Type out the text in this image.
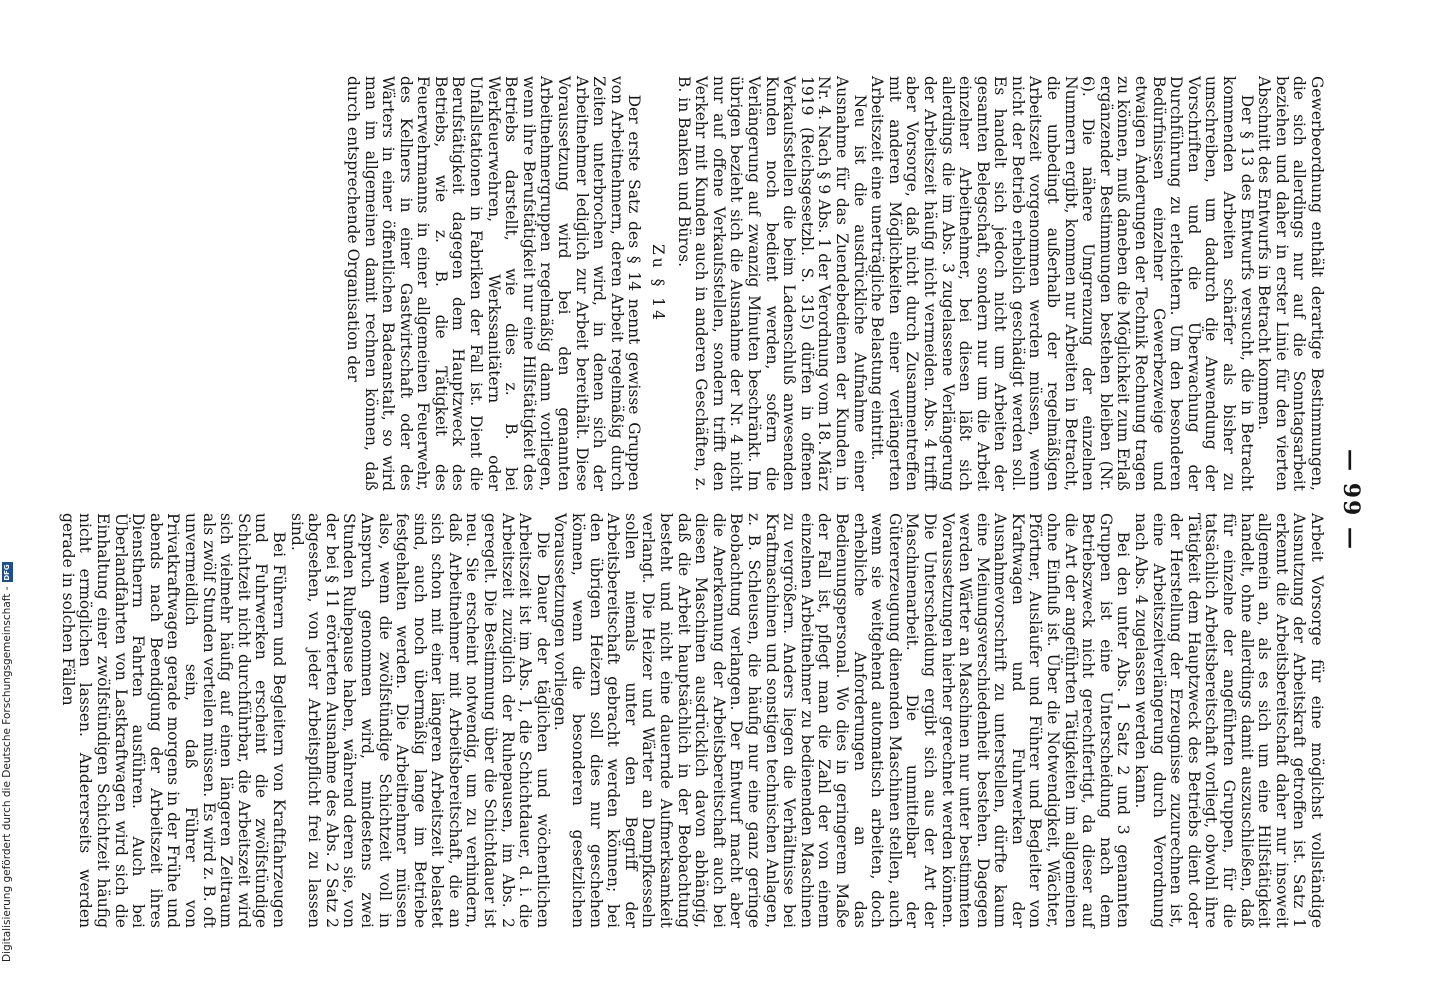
— 99 —

Gewerbeordnung enthält derartige Bestimmungen, die sich allerdings nur auf die Sonntagsarbeit beziehen und daher in erster Linie für den vierten Abschnitt des Entwurfs in Betracht kommen.

Der § 13 des Entwurfs versucht, die in Betracht kommenden Arbeiten schärfer als bisher zu umschreiben, um dadurch die Anwendung der Vorschriften und die Überwachung der Durchführung zu erleichtern. Um den besonderen Bedürfnissen einzelner Gewerbezweige und etwaigen Änderungen der Technik Rechnung tragen zu können, muß daneben die Möglichkeit zum Erlaß ergänzender Bestimmungen bestehen bleiben (Nr. 6). Die nähere Umgrenzung der einzelnen Nummern ergibt, kommen nur Arbeiten in Betracht, die unbedingt außerhalb der regelmäßigen Arbeitszeit vorgenommen werden müssen, wenn nicht der Betrieb erheblich geschädigt werden soll. Es handelt sich jedoch nicht um Arbeiten der gesamten Belegschaft, sondern nur um die Arbeit einzelner Arbeitnehmer, bei diesen läßt sich allerdings die im Abs. 3 zugelassene Verlängerung der Arbeitszeit häufig nicht vermeiden. Abs. 4 trifft aber Vorsorge, daß nicht durch Zusammentreffen mit anderen Möglichkeiten einer verlängerten Arbeitszeit eine unerträgliche Belastung eintritt.

Neu ist die ausdrückliche Aufnahme einer Ausnahme für das Zuendebedienen der Kunden in Nr. 4. Nach § 9 Abs. 1 der Verordnung vom 18. März 1919 (Reichsgesetzbl. S. 315) dürfen in offenen Verkaufsstellen die beim Ladenschluß anwesenden Kunden noch bedient werden, sofern die Verlängerung auf zwanzig Minuten beschränkt. Im übrigen bezieht sich die Ausnahme der Nr. 4 nicht nur auf offene Verkaufsstellen, sondern trifft den Verkehr mit Kunden auch in anderen Geschäften, z. B. in Banken und Büros.

Zu § 14

Der erste Satz des § 14 nennt gewisse Gruppen von Arbeitnehmern, deren Arbeit regelmäßig durch Zeiten unterbrochen wird, in denen sich der Arbeitnehmer lediglich zur Arbeit bereithält. Diese Voraussetzung wird bei den genannten Arbeitnehmergruppen regelmäßig dann vorliegen, wenn ihre Berufstätigkeit nur eine Hilfstätigkeit des Betriebs darstellt, wie dies z. B. bei Werkfeuerwehren, Werkssanitätern oder Unfallstationen in Fabriken der Fall ist. Dient die Berufstätigkeit dagegen dem Hauptzweck des Betriebs, wie z. B. die Tätigkeit des Feuerwehrmanns in einer allgemeinen Feuerwehr, des Kellners in einer Gastwirtschaft oder des Wärters in einer öffentlichen Badeanstalt, so wird man im allgemeinen damit rechnen können, daß durch entsprechende Organisation der

Arbeit Vorsorge für eine möglichst vollständige Ausnutzung der Arbeitskraft getroffen ist. Satz 1 erkennt die Arbeitsbereitschaft daher nur insoweit allgemein an, als es sich um eine Hilfstätigkeit handelt, ohne allerdings damit auszuschließen, daß für einzelne der angeführten Gruppen, für die tatsächlich Arbeitsbereitschaft vorliegt, obwohl ihre Tätigkeit dem Hauptzweck des Betriebs dient oder der Herstellung der Erzeugnisse zuzurechnen ist, eine Arbeitszeitverlängerung durch Verordnung nach Abs. 4 zugelassen werden kann.

Bei den unter Abs. 1 Satz 2 und 3 genannten Gruppen ist eine Unterscheidung nach dem Betriebszweck nicht gerechtfertigt, da dieser auf die Art der angeführten Tätigkeiten im allgemeinen ohne Einfluß ist. Über die Notwendigkeit, Wächter, Pförtner, Ausläufer und Führer und Begleiter von Kraftwagen und Fuhrwerken der Ausnahmevorschrift zu unterstellen, dürfte kaum eine Meinungsverschiedenheit bestehen. Dagegen werden Wärter an Maschinen nur unter bestimmten Voraussetzungen hierher gerechnet werden können. Die Unterscheidung ergibt sich aus der Art der Maschinenarbeit. Die unmittelbar der Gütererzeugung dienenden Maschinen stellen, auch wenn sie weitgehend automatisch arbeiten, doch erhebliche Anforderungen an das Bedienungspersonal. Wo dies in geringerem Maße der Fall ist, pflegt man die Zahl der von einem einzelnen Arbeitnehmer zu bedienenden Maschinen zu vergrößern. Anders liegen die Verhältnisse bei Kraftmaschinen und sonstigen technischen Anlagen, z. B. Schleusen, die häufig nur eine ganz geringe Beobachtung verlangen. Der Entwurf macht aber die Anerkennung der Arbeitsbereitschaft auch bei diesen Maschinen ausdrücklich davon abhängig, daß die Arbeit hauptsächlich in der Beobachtung besteht und nicht eine dauernde Aufmerksamkeit verlangt. Die Heizer und Wärter an Dampfkesseln sollen niemals unter den Begriff der Arbeitsbereitschaft gebracht werden können; bei den übrigen Heizern soll dies nur geschehen können, wenn die besonderen gesetzlichen Voraussetzungen vorliegen.

Die Dauer der täglichen und wöchentlichen Arbeitszeit ist im Abs. 1, die Schichtdauer, d. i. die Arbeitszeit zuzüglich der Ruhepausen, im Abs. 2 geregelt. Die Bestimmung über die Schichtdauer ist neu. Sie erscheint notwendig, um zu verhindern, daß Arbeitnehmer mit Arbeitsbereitschaft, die an sich schon mit einer längeren Arbeitszeit belastet sind, auch noch übermäßig lange im Betriebe festgehalten werden. Die Arbeitnehmer müssen also, wenn die zwölfstündige Schichtzeit voll in Anspruch genommen wird, mindestens zwei Stunden Ruhepause haben, während deren sie, von der bei § 11 erörterten Ausnahme des Abs. 2 Satz 2 abgesehen, von jeder Arbeitspflicht frei zu lassen sind.

Bei Führern und Begleitern von Kraftfahrzeugen und Fuhrwerken erscheint die zwölfstündige Schichtzeit nicht durchführbar, die Arbeitszeit wird sich vielmehr häufig auf einen längeren Zeitraum als zwölf Stunden verteilen müssen. Es wird z. B. oft unvermeidlich sein, daß Führer von Privatkraftwagen gerade morgens in der Frühe und abends nach Beendigung der Arbeitszeit ihres Dienstherrn Fahrten ausführen. Auch bei Überlandfahrten von Lastkraftwagen wird sich die Einhaltung einer zwölfstündigen Schichtzeit häufig nicht ermöglichen lassen. Andererseits werden gerade in solchen Fällen

Digitalisierung gefördert durch die Deutsche Forschungsgemeinschaft -
DFG
